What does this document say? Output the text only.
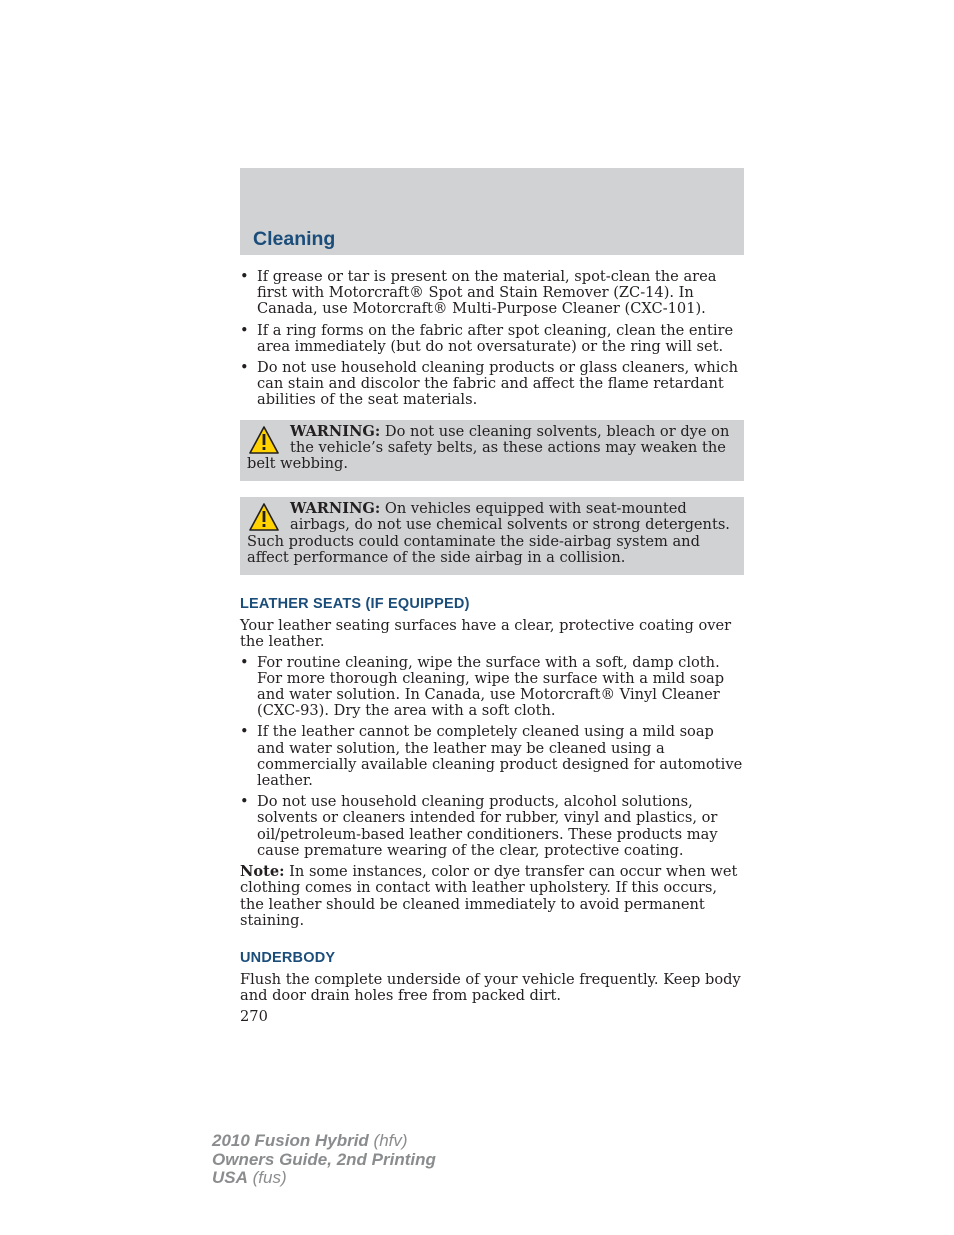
Cleaning
• If grease or tar is present on the material, spot-clean the area first with Motorcraft® Spot and Stain Remover (ZC-14). In Canada, use Motorcraft® Multi-Purpose Cleaner (CXC-101).
• If a ring forms on the fabric after spot cleaning, clean the entire area immediately (but do not oversaturate) or the ring will set.
• Do not use household cleaning products or glass cleaners, which can stain and discolor the fabric and affect the flame retardant abilities of the seat materials.
WARNING: Do not use cleaning solvents, bleach or dye on the vehicle’s safety belts, as these actions may weaken the belt webbing.
WARNING: On vehicles equipped with seat-mounted airbags, do not use chemical solvents or strong detergents. Such products could contaminate the side-airbag system and affect performance of the side airbag in a collision.
LEATHER SEATS (IF EQUIPPED)

Your leather seating surfaces have a clear, protective coating over the leather.

• For routine cleaning, wipe the surface with a soft, damp cloth. For more thorough cleaning, wipe the surface with a mild soap and water solution. In Canada, use Motorcraft® Vinyl Cleaner (CXC-93). Dry the area with a soft cloth.
• If the leather cannot be completely cleaned using a mild soap and water solution, the leather may be cleaned using a commercially available cleaning product designed for automotive leather.
• Do not use household cleaning products, alcohol solutions, solvents or cleaners intended for rubber, vinyl and plastics, or oil/petroleum-based leather conditioners. These products may cause premature wearing of the clear, protective coating.

Note: In some instances, color or dye transfer can occur when wet clothing comes in contact with leather upholstery. If this occurs, the leather should be cleaned immediately to avoid permanent staining.

UNDERBODY

Flush the complete underside of your vehicle frequently. Keep body and door drain holes free from packed dirt.

270
2010 Fusion Hybrid (hfv)
Owners Guide, 2nd Printing
USA (fus)
